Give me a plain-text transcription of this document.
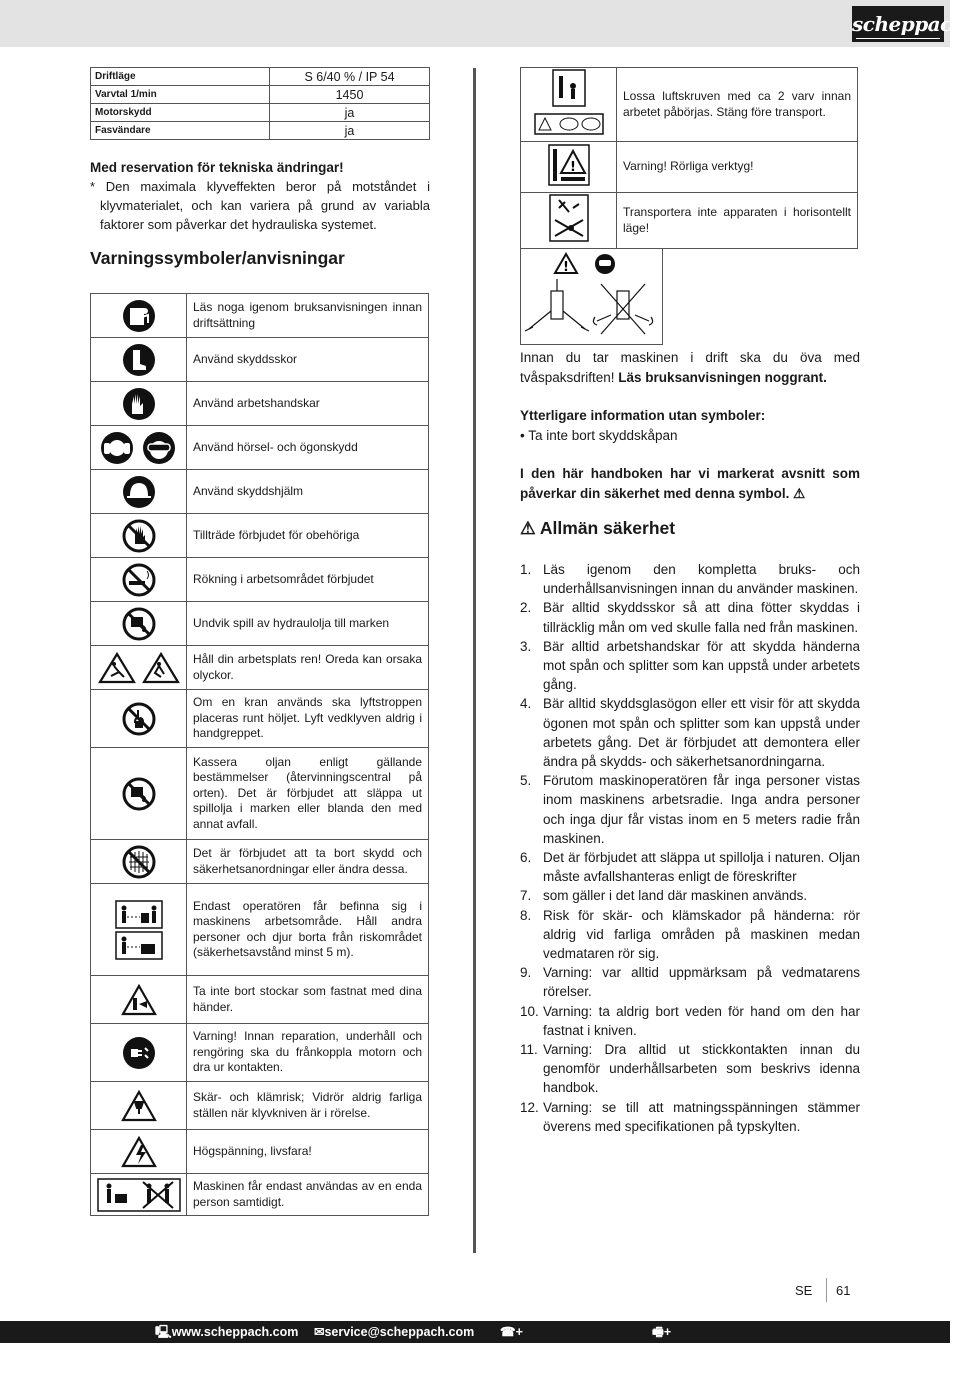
scheppach
Driftläge	S 6/40 % / IP 54
Varvtal 1/min	1450
Motorskydd	ja
Fasvändare	ja
Med reservation för tekniska ändringar!

* Den maximala klyveffekten beror på motståndet i klyvmaterialet, och kan variera på grund av variabla faktorer som påverkar det hydrauliska systemet.

Varningssymboler/anvisningar
	Läs noga igenom bruksanvisningen innan driftsättning
	Använd skyddsskor
	Använd arbetshandskar
	Använd hörsel- och ögonskydd
	Använd skyddshjälm
	Tillträde förbjudet för obehöriga
	Rökning i arbetsområdet förbjudet
	Undvik spill av hydraulolja till marken
	Håll din arbetsplats ren! Oreda kan orsaka olyckor.
	Om en kran används ska lyftstroppen placeras runt höljet. Lyft vedklyven aldrig i handgreppet.
	Kassera oljan enligt gällande bestämmelser (återvinningscentral på orten). Det är förbjudet att släppa ut spillolja i marken eller blanda den med annat avfall.
	Det är förbjudet att ta bort skydd och säkerhetsanordningar eller ändra dessa.
	Endast operatören får befinna sig i maskinens arbetsområde. Håll andra personer och djur borta från riskområdet (säkerhetsavstånd minst 5 m).
	Ta inte bort stockar som fastnat med dina händer.
	Varning! Innan reparation, underhåll och rengöring ska du frånkoppla motorn och dra ur kontakten.
	Skär- och klämrisk; Vidrör aldrig farliga ställen när klyvkniven är i rörelse.
	Högspänning, livsfara!
	Maskinen får endast användas av en enda person samtidigt.
	Lossa luftskruven med ca 2 varv innan arbetet påbörjas. Stäng före transport.

!	Varning! Rörliga verktyg!
	Transportera inte apparaten i horisontellt läge!
!

Innan du tar maskinen i drift ska du öva med tvåspaksdriften! Läs bruksanvisningen noggrant.

Ytterligare information utan symboler:

• Ta inte bort skyddskåpan

I den här handboken har vi markerat avsnitt som påverkar din säkerhet med denna symbol. ⚠

⚠ Allmän säkerhet
1. Läs igenom den kompletta bruks- och underhållsanvisningen innan du använder maskinen.
2. Bär alltid skyddsskor så att dina fötter skyddas i tillräcklig mån om ved skulle falla ned från maskinen.
3. Bär alltid arbetshandskar för att skydda händerna mot spån och splitter som kan uppstå under arbetets gång.
4. Bär alltid skyddsglasögon eller ett visir för att skydda ögonen mot spån och splitter som kan uppstå under arbetets gång. Det är förbjudet att demontera eller ändra på skydds- och säkerhetsanordningarna.
5. Förutom maskinoperatören får inga personer vistas inom maskinens arbetsradie. Inga andra personer och inga djur får vistas inom en 5 meters radie från maskinen.
6. Det är förbjudet att släppa ut spillolja i naturen. Oljan måste avfallshanteras enligt de föreskrifter
7. som gäller i det land där maskinen används.
8. Risk för skär- och klämskador på händerna: rör aldrig vid farliga områden på maskinen medan vedmataren rör sig.
9. Varning: var alltid uppmärksam på vedmatarens rörelser.
10. Varning: ta aldrig bort veden för hand om den har fastnat i kniven.
11. Varning: Dra alltid ut stickkontakten innan du genomför underhållsarbeten som beskrivs idenna handbok.
12. Varning: se till att matningsspänningen stämmer överens med specifikationen på typskylten.
SE 61
🖳 www.scheppach.com ✉ service@scheppach.com ☎ +(49)-08223-4002-99
🖷 +(49)-08223-4002-58
